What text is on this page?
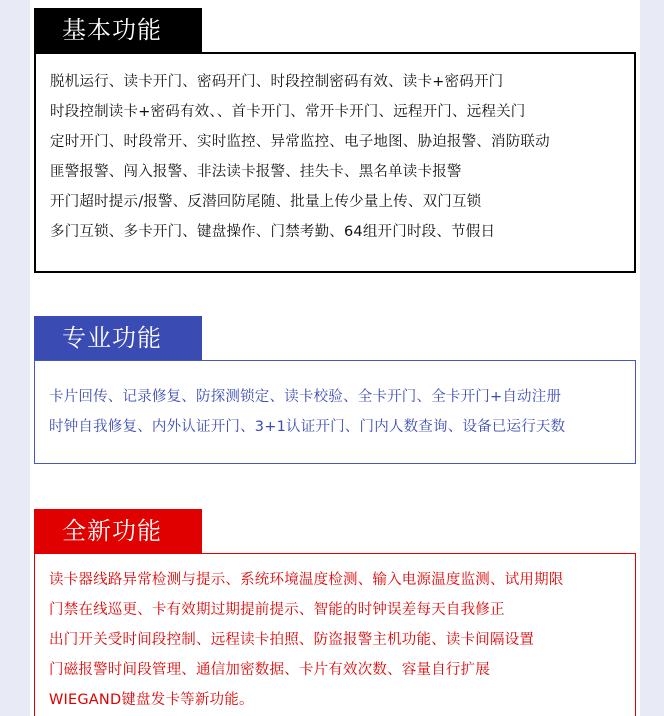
基本功能
脱机运行、读卡开门、密码开门、时段控制密码有效、读卡+密码开门
时段控制读卡+密码有效、、首卡开门、常开卡开门、远程开门、远程关门
定时开门、时段常开、实时监控、异常监控、电子地图、胁迫报警、消防联动
匪警报警、闯入报警、非法读卡报警、挂失卡、黑名单读卡报警
开门超时提示/报警、反潜回防尾随、批量上传少量上传、双门互锁
多门互锁、多卡开门、键盘操作、门禁考勤、64组开门时段、节假日
专业功能
卡片回传、记录修复、防探测锁定、读卡校验、全卡开门、全卡开门+自动注册
时钟自我修复、内外认证开门、3+1认证开门、门内人数查询、设备已运行天数
全新功能
读卡器线路异常检测与提示、系统环境温度检测、输入电源温度监测、试用期限
门禁在线巡更、卡有效期过期提前提示、智能的时钟误差每天自我修正
出门开关受时间段控制、远程读卡拍照、防盗报警主机功能、读卡间隔设置
门磁报警时间段管理、通信加密数据、卡片有效次数、容量自行扩展
WIEGAND键盘发卡等新功能。
